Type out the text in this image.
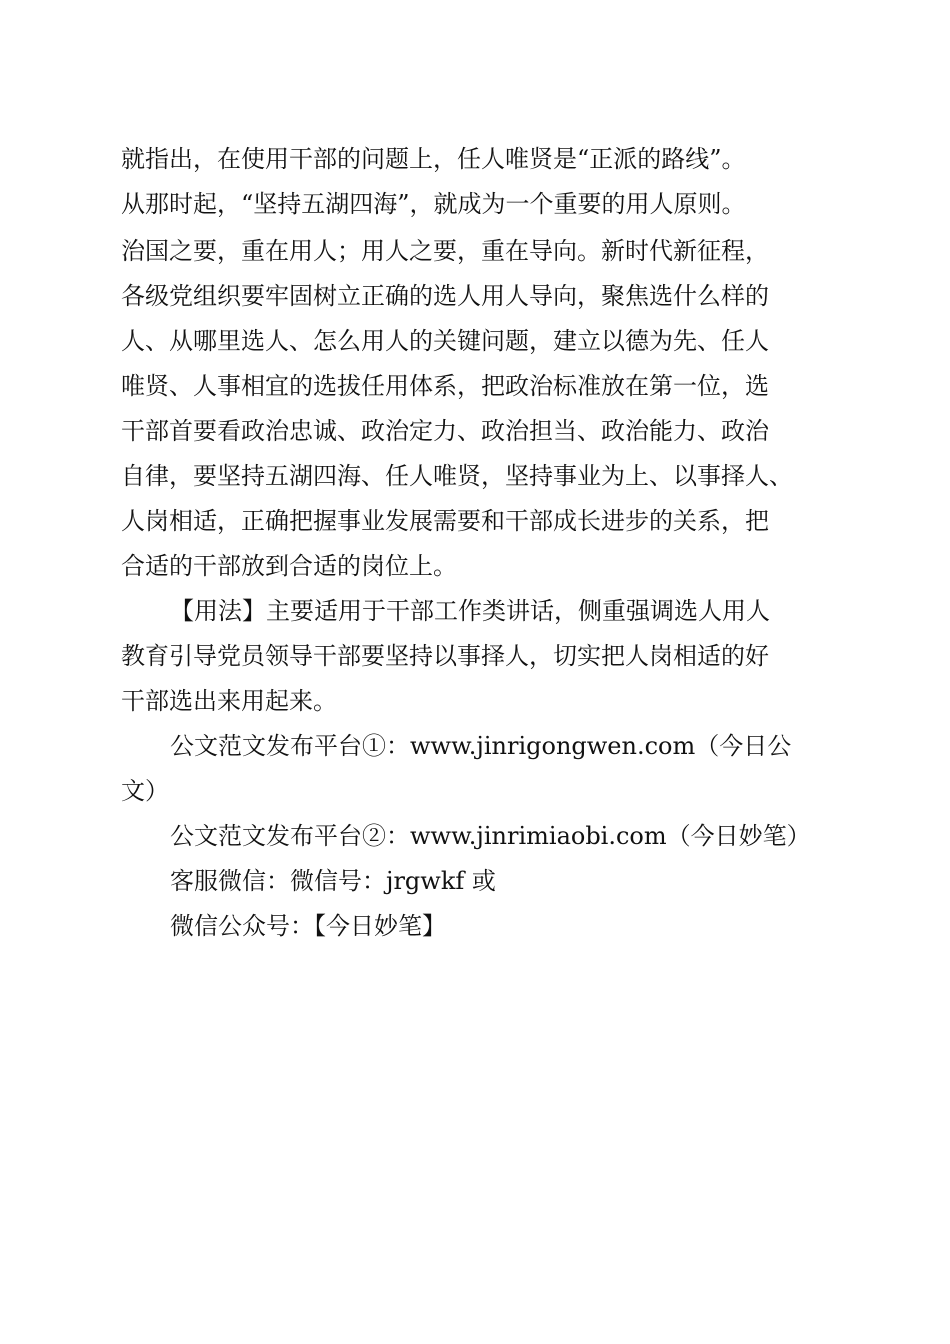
就指出，在使用干部的问题上，任人唯贤是“正派的路线”。
从那时起，“坚持五湖四海”，就成为一个重要的用人原则。
治国之要，重在用人；用人之要，重在导向。新时代新征程，
各级党组织要牢固树立正确的选人用人导向，聚焦选什么样的
人、从哪里选人、怎么用人的关键问题，建立以德为先、任人
唯贤、人事相宜的选拔任用体系，把政治标准放在第一位，选
干部首要看政治忠诚、政治定力、政治担当、政治能力、政治
自律，要坚持五湖四海、任人唯贤，坚持事业为上、以事择人、
人岗相适，正确把握事业发展需要和干部成长进步的关系，把
合适的干部放到合适的岗位上。
【用法】主要适用于干部工作类讲话，侧重强调选人用人
教育引导党员领导干部要坚持以事择人，切实把人岗相适的好
干部选出来用起来。
公文范文发布平台①：www.jinrigongwen.com（今日公
文）
公文范文发布平台②：www.jinrimiaobi.com（今日妙笔）
客服微信：微信号：jrgwkf 或
微信公众号：【今日妙笔】
